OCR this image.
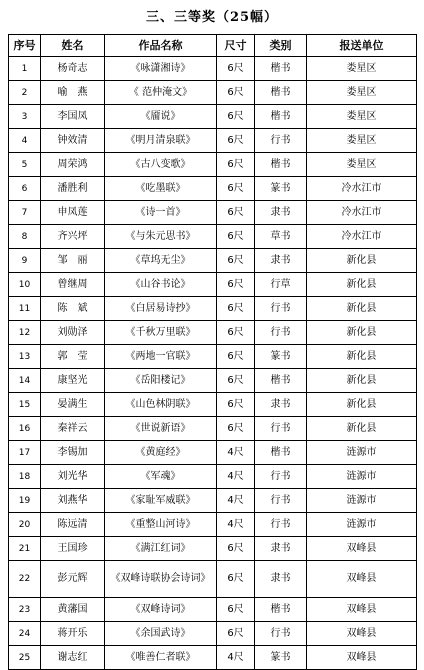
三、三等奖（25幅）
序号	姓名	作品名称	尺寸	类别	报送单位
1	杨奇志	《咏潇湘诗》	6尺	楷书	娄星区
2	喻　燕	《 范仲淹文》	6尺	楷书	娄星区
3	李国凤	《靥说》	6尺	楷书	娄星区
4	钟效清	《明月清泉联》	6尺	行书	娄星区
5	周荣鸿	《古八变歌》	6尺	楷书	娄星区
6	潘胜利	《吃墨联》	6尺	篆书	冷水江市
7	申凤莲	《诗一首》	6尺	隶书	冷水江市
8	齐兴坪	《与朱元思书》	6尺	草书	冷水江市
9	邹　丽	《草坞无尘》	6尺	隶书	新化县
10	曾继周	《山谷书论》	6尺	行草	新化县
11	陈　斌	《白居易诗抄》	6尺	行书	新化县
12	刘勋泽	《千秋万里联》	6尺	行书	新化县
13	郭　莹	《两地一官联》	6尺	篆书	新化县
14	康坚光	《岳阳楼记》	6尺	楷书	新化县
15	晏满生	《山色林阴联》	6尺	隶书	新化县
16	秦祥云	《世说新语》	6尺	行书	新化县
17	李锡加	《黄庭经》	4尺	楷书	涟源市
18	刘光华	《军魂》	4尺	行书	涟源市
19	刘燕华	《家耻军威联》	4尺	行书	涟源市
20	陈远清	《重整山河诗》	4尺	行书	涟源市
21	王国珍	《满江红词》	6尺	隶书	双峰县
22	彭元辉	《双峰诗联协会诗词》	6尺	隶书	双峰县
23	黄藩国	《双峰诗词》	6尺	楷书	双峰县
24	蒋开乐	《余国武诗》	6尺	行书	双峰县
25	谢志红	《唯善仁者联》	4尺	篆书	双峰县
